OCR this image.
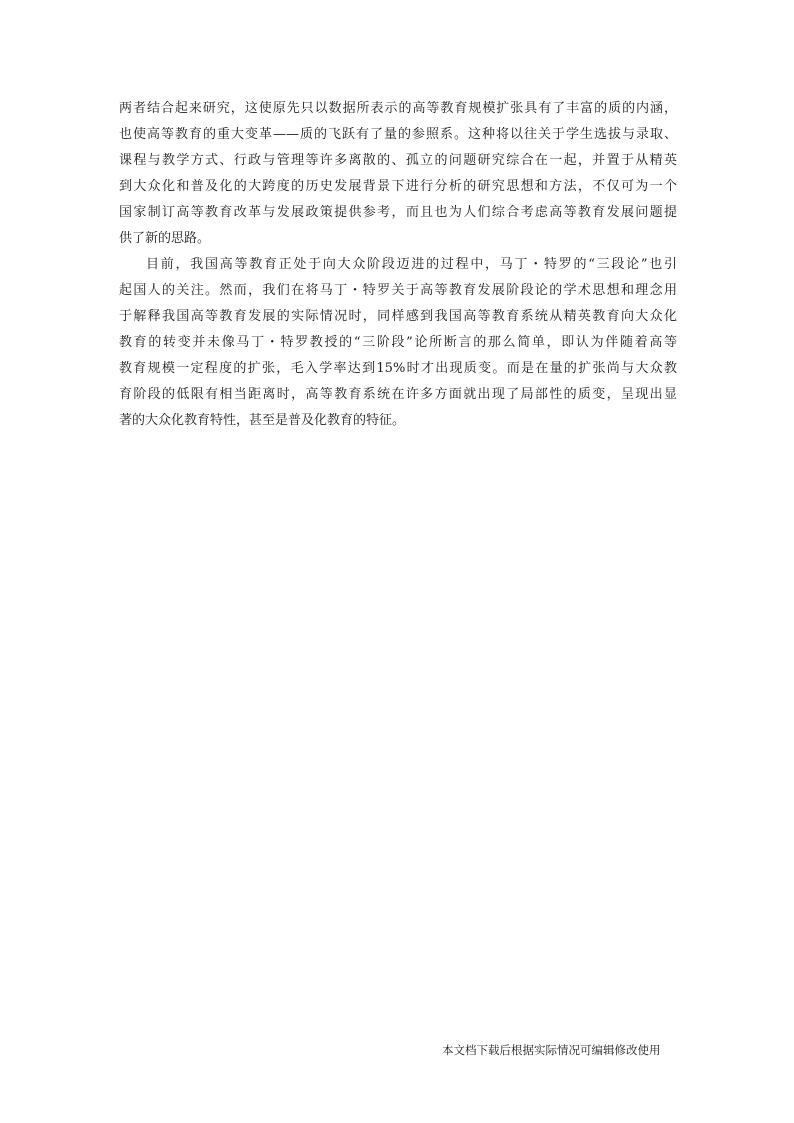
两者结合起来研究，这使原先只以数据所表示的高等教育规模扩张具有了丰富的质的内涵，
也使高等教育的重大变革——质的飞跃有了量的参照系。这种将以往关于学生选拔与录取、
课程与教学方式、行政与管理等许多离散的、孤立的问题研究综合在一起，并置于从精英
到大众化和普及化的大跨度的历史发展背景下进行分析的研究思想和方法，不仅可为一个
国家制订高等教育改革与发展政策提供参考，而且也为人们综合考虑高等教育发展问题提
供了新的思路。
目前，我国高等教育正处于向大众阶段迈进的过程中，马丁・特罗的“三段论”也引
起国人的关注。然而，我们在将马丁・特罗关于高等教育发展阶段论的学术思想和理念用
于解释我国高等教育发展的实际情况时，同样感到我国高等教育系统从精英教育向大众化
教育的转变并未像马丁・特罗教授的“三阶段”论所断言的那么简单，即认为伴随着高等
教育规模一定程度的扩张，毛入学率达到15%时才出现质变。而是在量的扩张尚与大众教
育阶段的低限有相当距离时，高等教育系统在许多方面就出现了局部性的质变，呈现出显
著的大众化教育特性，甚至是普及化教育的特征。
本文档下载后根据实际情况可编辑修改使用
